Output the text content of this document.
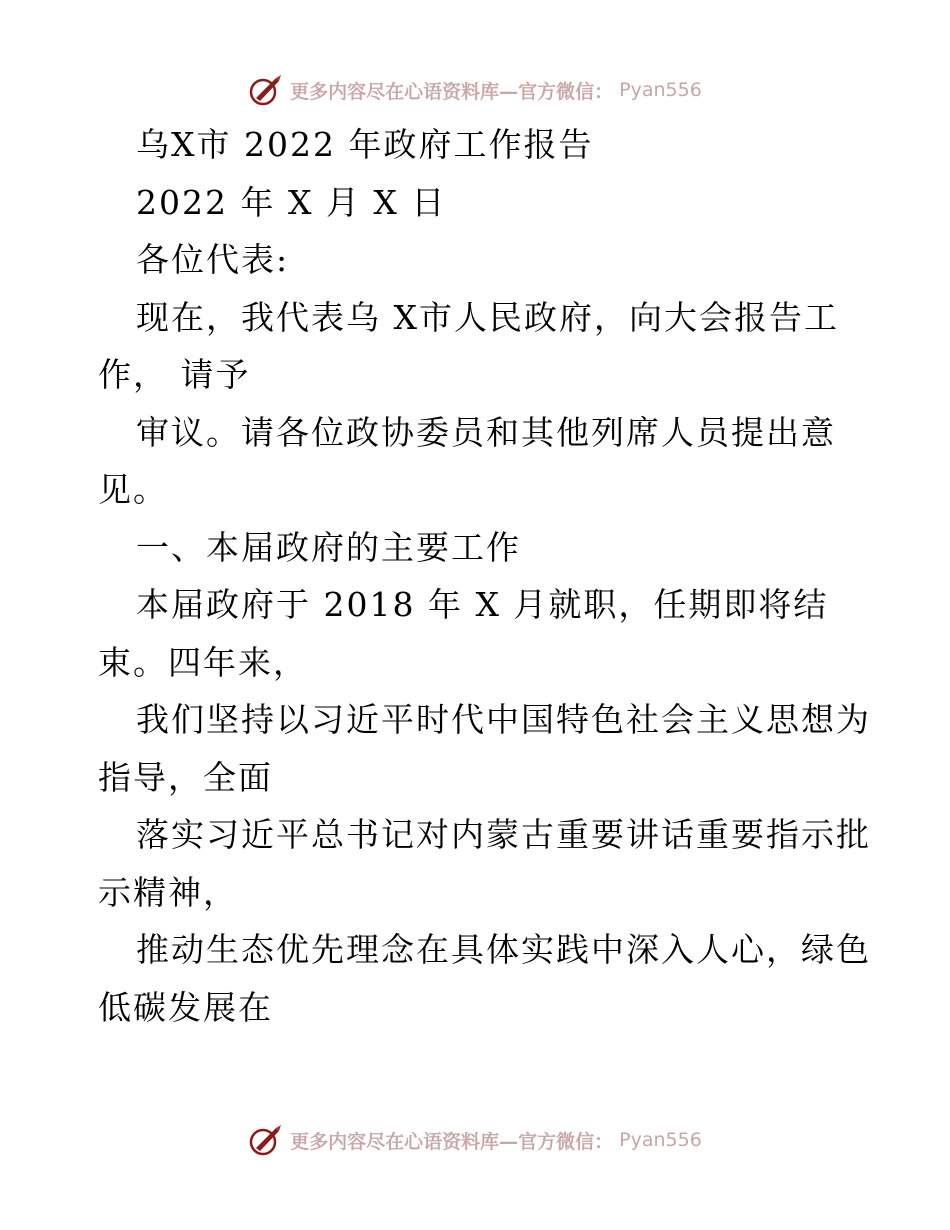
更多内容尽在心语资料库—官方微信： Pyan556
乌X市 2022 年政府工作报告
2022 年 X 月 X 日
各位代表:
现在，我代表乌 X市人民政府，向大会报告工
作， 请予
审议。请各位政协委员和其他列席人员提出意
见。
一、本届政府的主要工作
本届政府于 2018 年 X 月就职，任期即将结
束。四年来，
我们坚持以习近平时代中国特色社会主义思想为
指导，全面
落实习近平总书记对内蒙古重要讲话重要指示批
示精神，
推动生态优先理念在具体实践中深入人心，绿色
低碳发展在
更多内容尽在心语资料库—官方微信： Pyan556
